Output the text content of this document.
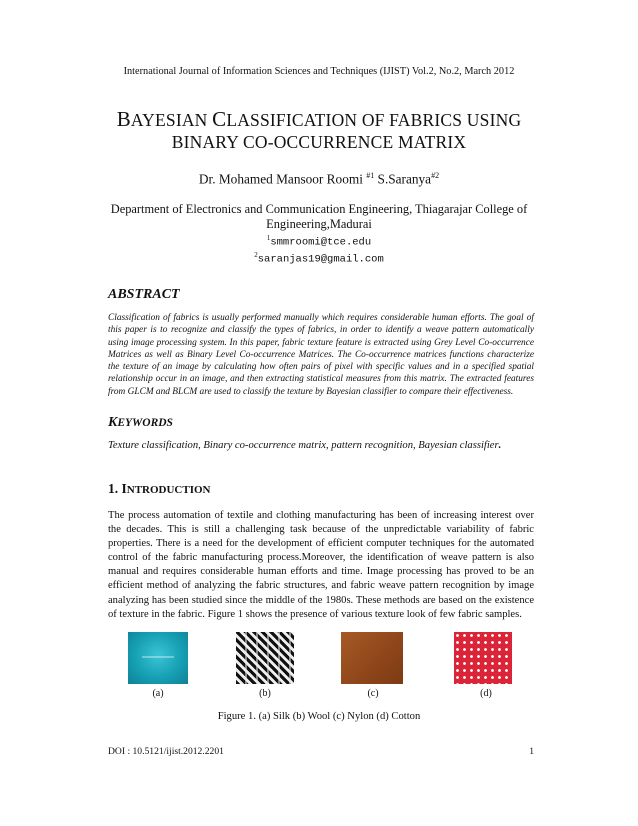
International Journal of Information Sciences and Techniques (IJIST) Vol.2, No.2, March 2012
BAYESIAN CLASSIFICATION OF FABRICS USING
BINARY CO-OCCURRENCE MATRIX
Dr. Mohamed Mansoor Roomi $^{\#1}$ S.Saranya$^{\#2}$
Department of Electronics and Communication Engineering, Thiagarajar College of
Engineering,Madurai
$^1$smmroomi@tce.edu
$^2$saranjas19@gmail.com
ABSTRACT
Classification of fabrics is usually performed manually which requires considerable human efforts. The goal of this paper is to recognize and classify the types of fabrics, in order to identify a weave pattern automatically using image processing system. In this paper, fabric texture feature is extracted using Grey Level Co-occurrence Matrices as well as Binary Level Co-occurrence Matrices. The Co-occurrence matrices functions characterize the texture of an image by calculating how often pairs of pixel with specific values and in a specified spatial relationship occur in an image, and then extracting statistical measures from this matrix. The extracted features from GLCM and BLCM are used to classify the texture by Bayesian classifier to compare their effectiveness.
KEYWORDS
Texture classification, Binary co-occurrence matrix, pattern recognition, Bayesian classifier.
1. INTRODUCTION
The process automation of textile and clothing manufacturing has been of increasing interest over the decades. This is still a challenging task because of the unpredictable variability of fabric properties. There is a need for the development of efficient computer techniques for the automated control of the fabric manufacturing process.Moreover, the identification of weave pattern is also manual and requires considerable human efforts and time. Image processing has proved to be an efficient method of analyzing the fabric structures, and fabric weave pattern recognition by image analyzing has been studied since the middle of the 1980s. These methods are based on the existence of texture in the fabric. Figure 1 shows the presence of various texture look of few fabric samples.
(a)	(b)	(c)	(d)
Figure 1. (a) Silk (b) Wool (c) Nylon (d) Cotton
DOI : 10.5121/ijist.2012.2201	1
